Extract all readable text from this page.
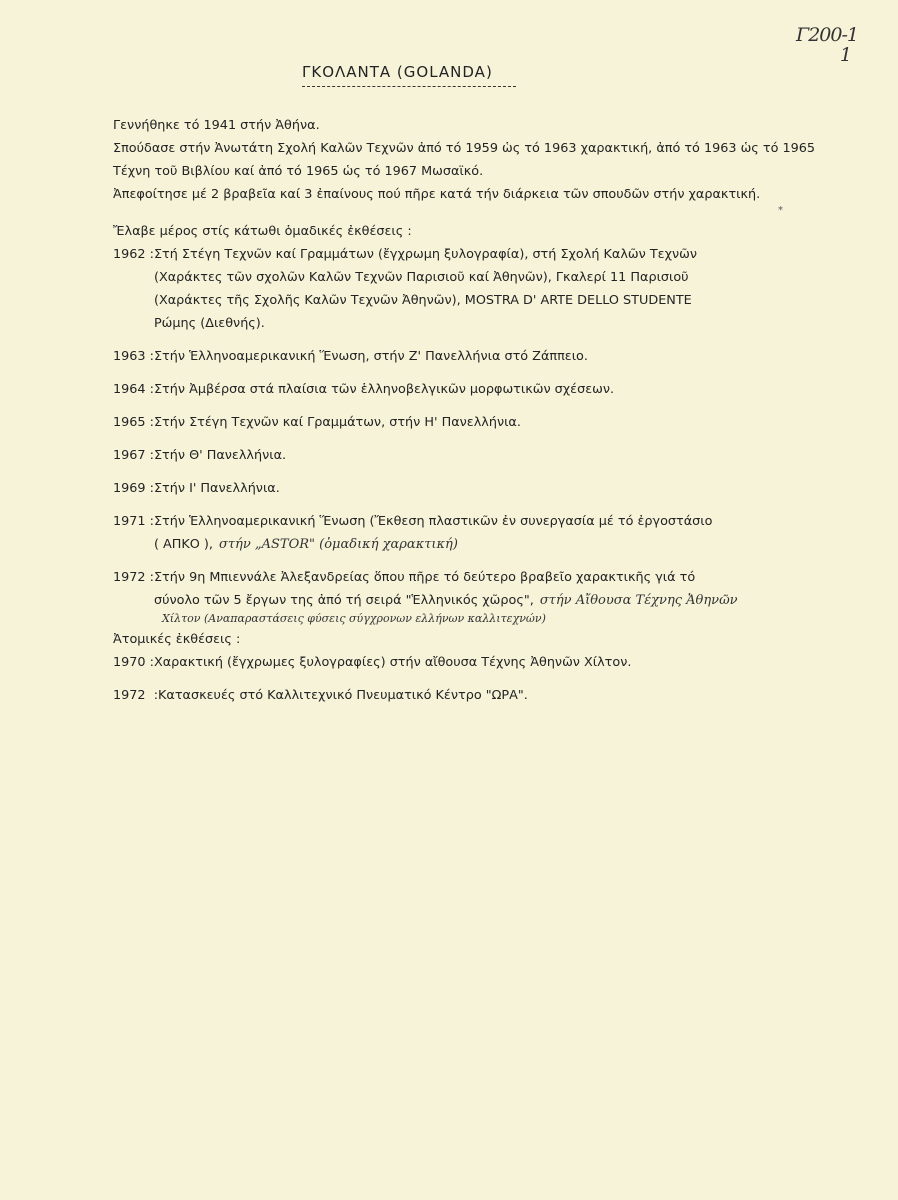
Γ200-1
1
ΓΚΟΛΑΝΤΑ (GOLANDA)
*

Γεννήθηκε τό 1941 στήν Ἀθήνα.

Σπούδασε στήν Ἀνωτάτη Σχολή Καλῶν Τεχνῶν ἀπό τό 1959 ὡς τό 1963 χαρακτική, ἀπό τό 1963 ὡς τό 1965 Τέχνη τοῦ Βιβλίου καί ἀπό τό 1965 ὡς τό 1967 Μωσαϊκό.

Ἀπεφοίτησε μέ 2 βραβεῖα καί 3 ἐπαίνους πού πῆρε κατά τήν διάρκεια τῶν σπουδῶν στήν χαρακτική.

Ἔλαβε μέρος στίς κάτωθι ὁμαδικές ἐκθέσεις :

1962 : Στή Στέγη Τεχνῶν καί Γραμμάτων (ἔγχρωμη ξυλογραφία), στή Σχολή Καλῶν Τεχνῶν
(Χαράκτες τῶν σχολῶν Καλῶν Τεχνῶν Παρισιοῦ καί Ἀθηνῶν), Γκαλερί 11 Παρισιοῦ
(Χαράκτες τῆς Σχολῆς Καλῶν Τεχνῶν Ἀθηνῶν), MOSTRA D' ARTE DELLO STUDENTE
Ρώμης (Διεθνής).
1963 : Στήν Ἑλληνοαμερικανική Ἕνωση, στήν Ζ' Πανελλήνια στό Ζάππειο.
1964 : Στήν Ἀμβέρσα στά πλαίσια τῶν ἑλληνοβελγικῶν μορφωτικῶν σχέσεων.
1965 : Στήν Στέγη Τεχνῶν καί Γραμμάτων, στήν Η' Πανελλήνια.
1967 : Στήν Θ' Πανελλήνια.
1969 : Στήν Ι' Πανελλήνια.
1971 : Στήν Ἑλληνοαμερικανική Ἕνωση (Ἔκθεση πλαστικῶν ἐν συνεργασία μέ τό ἐργοστάσιο
( ΑΠΚΟ ), στήν „ASTOR" (ὁμαδική χαρακτική)
1972 : Στήν 9η Μπιεννάλε Ἀλεξανδρείας ὅπου πῆρε τό δεύτερο βραβεῖο χαρακτικῆς γιά τό
σύνολο τῶν 5 ἔργων της ἀπό τή σειρά "Ἑλληνικός χῶρος", στήν Αἴθουσα Τέχνης Ἀθηνῶν
Χίλτον (Αναπαραστάσεις φύσεις σύγχρονων ελλήνων καλλιτεχνών)

Ἀτομικές ἐκθέσεις :

1970 : Χαρακτική (ἔγχρωμες ξυλογραφίες) στήν αἴθουσα Τέχνης Ἀθηνῶν Χίλτον.
1972  : Κατασκευές στό Καλλιτεχνικό Πνευματικό Κέντρο "ΩΡΑ".
